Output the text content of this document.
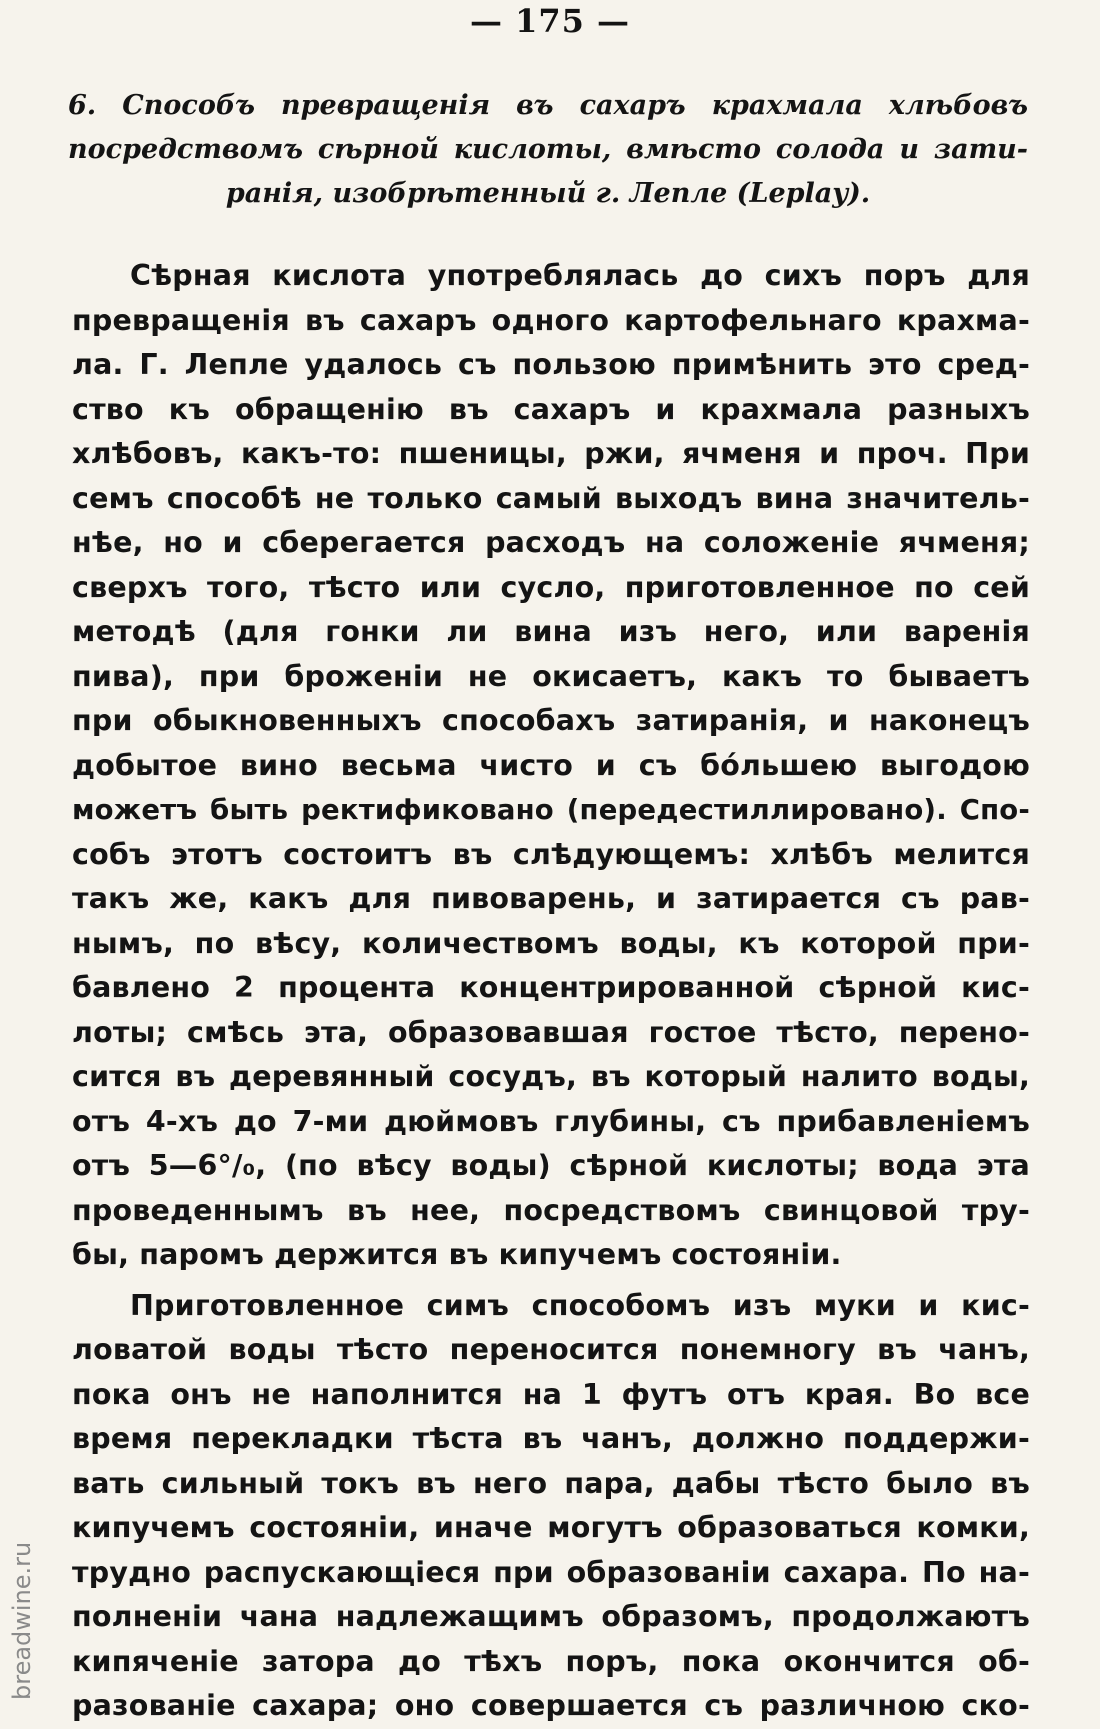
— 175 —
6. Способъ превращенія въ сахаръ крахмала хлѣбовъ
посредствомъ сѣрной кислоты, вмѣсто солода и зати-
ранія, изобрѣтенный г. Лепле (Leplay).
Сѣрная кислота употреблялась до сихъ поръ для
превращенія въ сахаръ одного картофельнаго крахма-
ла. Г. Лепле удалось съ пользою примѣнить это сред-
ство къ обращенію въ сахаръ и крахмала разныхъ
хлѣбовъ, какъ-то: пшеницы, ржи, ячменя и проч. При
семъ способѣ не только самый выходъ вина значитель-
нѣе, но и сберегается расходъ на соложеніе ячменя;
сверхъ того, тѣсто или сусло, приготовленное по сей
методѣ (для гонки ли вина изъ него, или варенія
пива), при броженіи не окисаетъ, какъ то бываетъ
при обыкновенныхъ способахъ затиранія, и наконецъ
добытое вино весьма чисто и съ бо́льшею выгодою
можетъ быть ректификовано (передестиллировано). Спо-
собъ этотъ состоитъ въ слѣдующемъ: хлѣбъ мелится
такъ же, какъ для пивоварень, и затирается съ рав-
нымъ, по вѣсу, количествомъ воды, къ которой при-
бавлено 2 процента концентрированной сѣрной кис-
лоты; смѣсь эта, образовавшая гостое тѣсто, перено-
сится въ деревянный сосудъ, въ который налито воды,
отъ 4-хъ до 7-ми дюймовъ глубины, съ прибавленіемъ
отъ 5—6°/₀, (по вѣсу воды) сѣрной кислоты; вода эта
проведеннымъ въ нее, посредствомъ свинцовой тру-
бы, паромъ держится въ кипучемъ состояніи.
Приготовленное симъ способомъ изъ муки и кис-
ловатой воды тѣсто переносится понемногу въ чанъ,
пока онъ не наполнится на 1 футъ отъ края. Во все
время перекладки тѣста въ чанъ, должно поддержи-
вать сильный токъ въ него пара, дабы тѣсто было въ
кипучемъ состояніи, иначе могутъ образоваться комки,
трудно распускающіеся при образованіи сахара. По на-
полненіи чана надлежащимъ образомъ, продолжаютъ
кипяченіе затора до тѣхъ поръ, пока окончится об-
разованіе сахара; оно совершается съ различною ско-
breadwine.ru
